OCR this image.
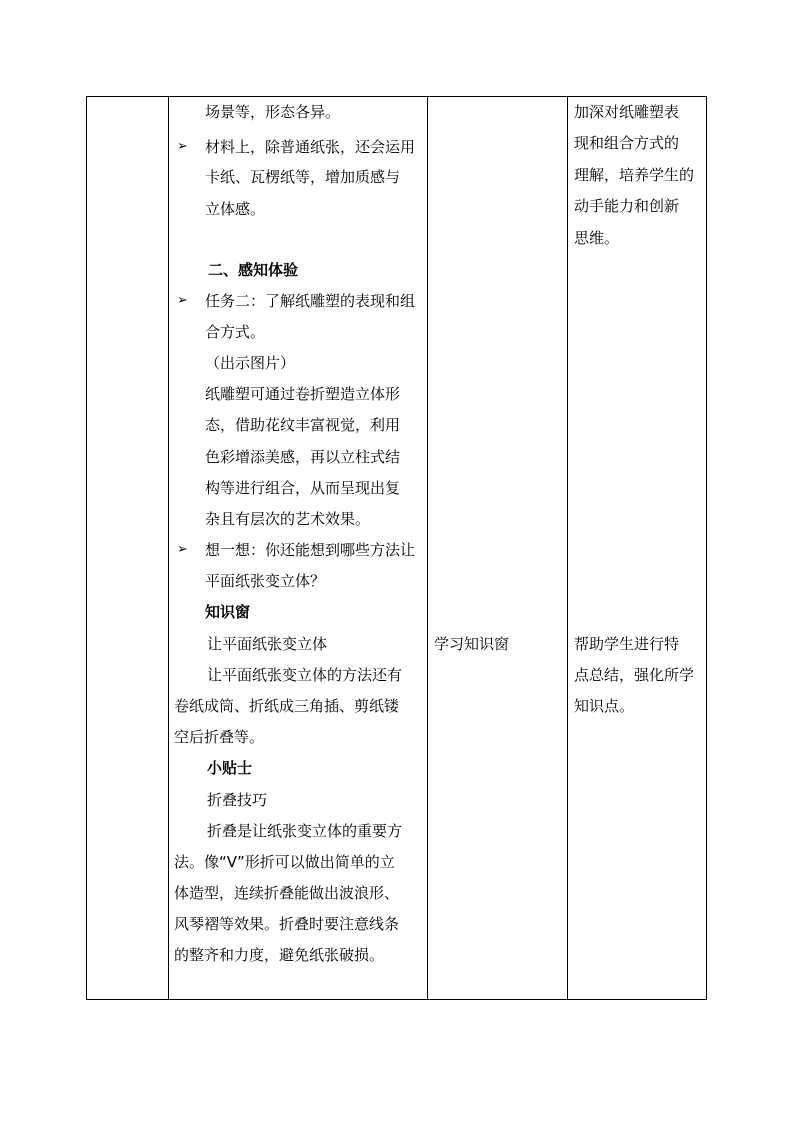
场景等，形态各异。
➢ 材料上，除普通纸张，还会运用
卡纸、瓦楞纸等，增加质感与
立体感。
二、感知体验
➢ 任务二：了解纸雕塑的表现和组
合方式。
（出示图片）
纸雕塑可通过卷折塑造立体形
态，借助花纹丰富视觉，利用
色彩增添美感，再以立柱式结
构等进行组合，从而呈现出复
杂且有层次的艺术效果。
➢ 想一想：你还能想到哪些方法让
平面纸张变立体？
知识窗
让平面纸张变立体
让平面纸张变立体的方法还有
卷纸成筒、折纸成三角插、剪纸镂
空后折叠等。
小贴士
折叠技巧
折叠是让纸张变立体的重要方
法。像“V”形折可以做出简单的立
体造型，连续折叠能做出波浪形、
风琴褶等效果。折叠时要注意线条
的整齐和力度，避免纸张破损。
学习知识窗
加深对纸雕塑表
现和组合方式的
理解，培养学生的
动手能力和创新
思维。
帮助学生进行特
点总结，强化所学
知识点。
